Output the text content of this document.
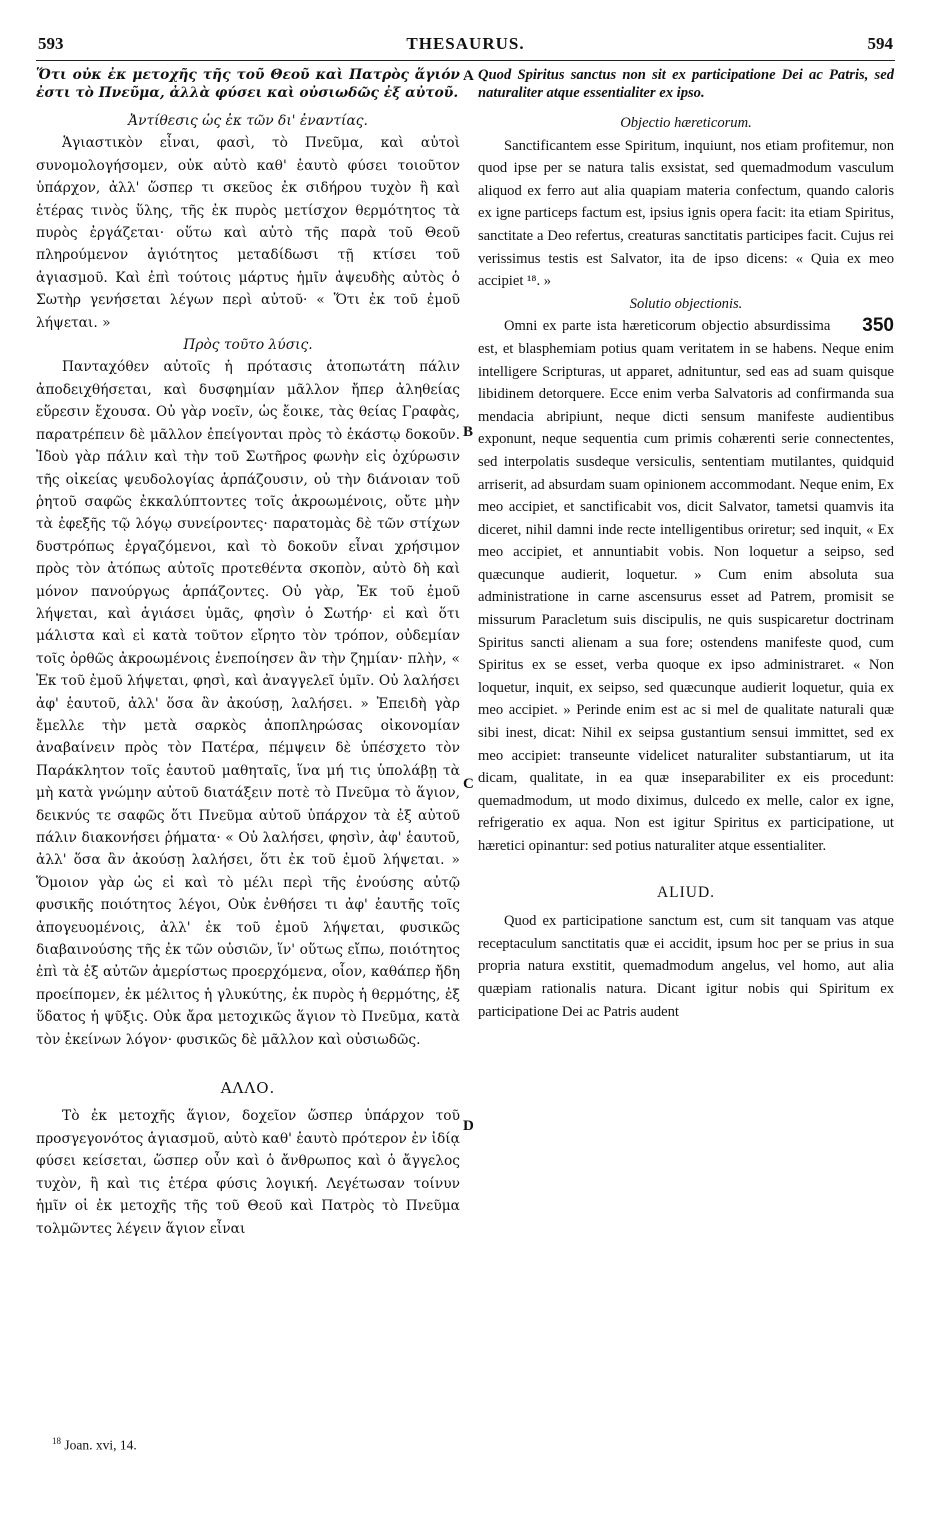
593	THESAURUS.	594
A
B
C
D

Ὅτι οὐκ ἐκ μετοχῆς τῆς τοῦ Θεοῦ καὶ Πατρὸς ἅγιόν ἐστι τὸ Πνεῦμα, ἀλλὰ φύσει καὶ οὐσιωδῶς ἐξ αὐτοῦ.

Ἀντίθεσις ὡς ἐκ τῶν δι' ἐναντίας.

Ἁγιαστικὸν εἶναι, φασὶ, τὸ Πνεῦμα, καὶ αὐτοὶ συνομολογήσομεν, οὐκ αὐτὸ καθ' ἑαυτὸ φύσει τοιοῦτον ὑπάρχον, ἀλλ' ὥσπερ τι σκεῦος ἐκ σιδήρου τυχὸν ἢ καὶ ἑτέρας τινὸς ὕλης, τῆς ἐκ πυρὸς μετίσχον θερμότητος τὰ πυρὸς ἐργάζεται· οὕτω καὶ αὐτὸ τῆς παρὰ τοῦ Θεοῦ πληρούμενον ἁγιότητος μεταδίδωσι τῇ κτίσει τοῦ ἁγιασμοῦ. Καὶ ἐπὶ τούτοις μάρτυς ἡμῖν ἀψευδὴς αὐτὸς ὁ Σωτὴρ γενήσεται λέγων περὶ αὐτοῦ· « Ὅτι ἐκ τοῦ ἐμοῦ λήψεται. »

Πρὸς τοῦτο λύσις.

Πανταχόθεν αὐτοῖς ἡ πρότασις ἀτοπωτάτη πάλιν ἀποδειχθήσεται, καὶ δυσφημίαν μᾶλλον ἤπερ ἀληθείας εὕρεσιν ἔχουσα. Οὐ γὰρ νοεῖν, ὡς ἔοικε, τὰς θείας Γραφὰς, παρατρέπειν δὲ μᾶλλον ἐπείγονται πρὸς τὸ ἑκάστῳ δοκοῦν. Ἰδοὺ γὰρ πάλιν καὶ τὴν τοῦ Σωτῆρος φωνὴν εἰς ὀχύρωσιν τῆς οἰκείας ψευδολογίας ἁρπάζουσιν, οὐ τὴν διάνοιαν τοῦ ῥητοῦ σαφῶς ἐκκαλύπτοντες τοῖς ἀκροωμένοις, οὔτε μὴν τὰ ἐφεξῆς τῷ λόγῳ συνείροντες· παρατομὰς δὲ τῶν στίχων δυστρόπως ἐργαζόμενοι, καὶ τὸ δοκοῦν εἶναι χρήσιμον πρὸς τὸν ἀτόπως αὐτοῖς προτεθέντα σκοπὸν, αὐτὸ δὴ καὶ μόνον πανούργως ἁρπάζοντες. Οὐ γὰρ, Ἐκ τοῦ ἐμοῦ λήψεται, καὶ ἁγιάσει ὑμᾶς, φησὶν ὁ Σωτήρ· εἰ καὶ ὅτι μάλιστα καὶ εἰ κατὰ τοῦτον εἴρητο τὸν τρόπον, οὐδεμίαν τοῖς ὀρθῶς ἀκροωμένοις ἐνεποίησεν ἂν τὴν ζημίαν· πλὴν, « Ἐκ τοῦ ἐμοῦ λήψεται, φησὶ, καὶ ἀναγγελεῖ ὑμῖν. Οὐ λαλήσει ἀφ' ἑαυτοῦ, ἀλλ' ὅσα ἂν ἀκούσῃ, λαλήσει. » Ἐπειδὴ γὰρ ἔμελλε τὴν μετὰ σαρκὸς ἀποπληρώσας οἰκονομίαν ἀναβαίνειν πρὸς τὸν Πατέρα, πέμψειν δὲ ὑπέσχετο τὸν Παράκλητον τοῖς ἑαυτοῦ μαθηταῖς, ἵνα μή τις ὑπολάβῃ τὰ μὴ κατὰ γνώμην αὐτοῦ διατάξειν ποτὲ τὸ Πνεῦμα τὸ ἅγιον, δεικνύς τε σαφῶς ὅτι Πνεῦμα αὐτοῦ ὑπάρχον τὰ ἐξ αὐτοῦ πάλιν διακονήσει ῥήματα· « Οὐ λαλήσει, φησὶν, ἀφ' ἑαυτοῦ, ἀλλ' ὅσα ἂν ἀκούσῃ λαλήσει, ὅτι ἐκ τοῦ ἐμοῦ λήψεται. » Ὅμοιον γὰρ ὡς εἰ καὶ τὸ μέλι περὶ τῆς ἐνούσης αὐτῷ φυσικῆς ποιότητος λέγοι, Οὐκ ἐνθήσει τι ἀφ' ἑαυτῆς τοῖς ἀπογευομένοις, ἀλλ' ἐκ τοῦ ἐμοῦ λήψεται, φυσικῶς διαβαινούσης τῆς ἐκ τῶν οὐσιῶν, ἵν' οὕτως εἴπω, ποιότητος ἐπὶ τὰ ἐξ αὐτῶν ἀμερίστως προερχόμενα, οἷον, καθάπερ ἤδη προείπομεν, ἐκ μέλιτος ἡ γλυκύτης, ἐκ πυρὸς ἡ θερμότης, ἐξ ὕδατος ἡ ψῦξις. Οὐκ ἄρα μετοχικῶς ἅγιον τὸ Πνεῦμα, κατὰ τὸν ἐκείνων λόγον· φυσικῶς δὲ μᾶλλον καὶ οὐσιωδῶς.

ΑΛΛΟ.

Τὸ ἐκ μετοχῆς ἅγιον, δοχεῖον ὥσπερ ὑπάρχον τοῦ προσγεγονότος ἁγιασμοῦ, αὐτὸ καθ' ἑαυτὸ πρότερον ἐν ἰδίᾳ φύσει κείσεται, ὥσπερ οὖν καὶ ὁ ἄνθρωπος καὶ ὁ ἄγγελος τυχὸν, ἢ καὶ τις ἑτέρα φύσις λογική. Λεγέτωσαν τοίνυν ἡμῖν οἱ ἐκ μετοχῆς τῆς τοῦ Θεοῦ καὶ Πατρὸς τὸ Πνεῦμα τολμῶντες λέγειν ἅγιον εἶναι

Quod Spiritus sanctus non sit ex participatione Dei ac Patris, sed naturaliter atque essentialiter ex ipso.

Objectio hæreticorum.

Sanctificantem esse Spiritum, inquiunt, nos etiam profitemur, non quod ipse per se natura talis exsistat, sed quemadmodum vasculum aliquod ex ferro aut alia quapiam materia confectum, quando caloris ex igne particeps factum est, ipsius ignis opera facit: ita etiam Spiritus, sanctitate a Deo refertus, creaturas sanctitatis participes facit. Cujus rei verissimus testis est Salvator, ita de ipso dicens: « Quia ex meo accipiet ¹⁸. »

Solutio objectionis.

350
Omni ex parte ista hæreticorum objectio absurdissima est, et blasphemiam potius quam veritatem in se habens. Neque enim intelligere Scripturas, ut apparet, adnituntur, sed eas ad suam quisque libidinem detorquere. Ecce enim verba Salvatoris ad confirmanda sua mendacia abripiunt, neque dicti sensum manifeste audientibus exponunt, neque sequentia cum primis cohærenti serie connectentes, sed interpolatis susdeque versiculis, sententiam mutilantes, quidquid arriserit, ad absurdam suam opinionem accommodant. Neque enim, Ex meo accipiet, et sanctificabit vos, dicit Salvator, tametsi quamvis ita diceret, nihil damni inde recte intelligentibus oriretur; sed inquit, « Ex meo accipiet, et annuntiabit vobis. Non loquetur a seipso, sed quæcunque audierit, loquetur. » Cum enim absoluta sua administratione in carne ascensurus esset ad Patrem, promisit se missurum Paracletum suis discipulis, ne quis suspicaretur doctrinam Spiritus sancti alienam a sua fore; ostendens manifeste quod, cum Spiritus ex se esset, verba quoque ex ipso administraret. « Non loquetur, inquit, ex seipso, sed quæcunque audierit loquetur, quia ex meo accipiet. » Perinde enim est ac si mel de qualitate naturali quæ sibi inest, dicat: Nihil ex seipsa gustantium sensui immittet, sed ex meo accipiet: transeunte videlicet naturaliter substantiarum, ut ita dicam, qualitate, in ea quæ inseparabiliter ex eis procedunt: quemadmodum, ut modo diximus, dulcedo ex melle, calor ex igne, refrigeratio ex aqua. Non est igitur Spiritus ex participatione, ut hæretici opinantur: sed potius naturaliter atque essentialiter.

ALIUD.

Quod ex participatione sanctum est, cum sit tanquam vas atque receptaculum sanctitatis quæ ei accidit, ipsum hoc per se prius in sua propria natura exstitit, quemadmodum angelus, vel homo, aut alia quæpiam rationalis natura. Dicant igitur nobis qui Spiritum ex participatione Dei ac Patris audent

$^{18}$ Joan. xvi, 14.
